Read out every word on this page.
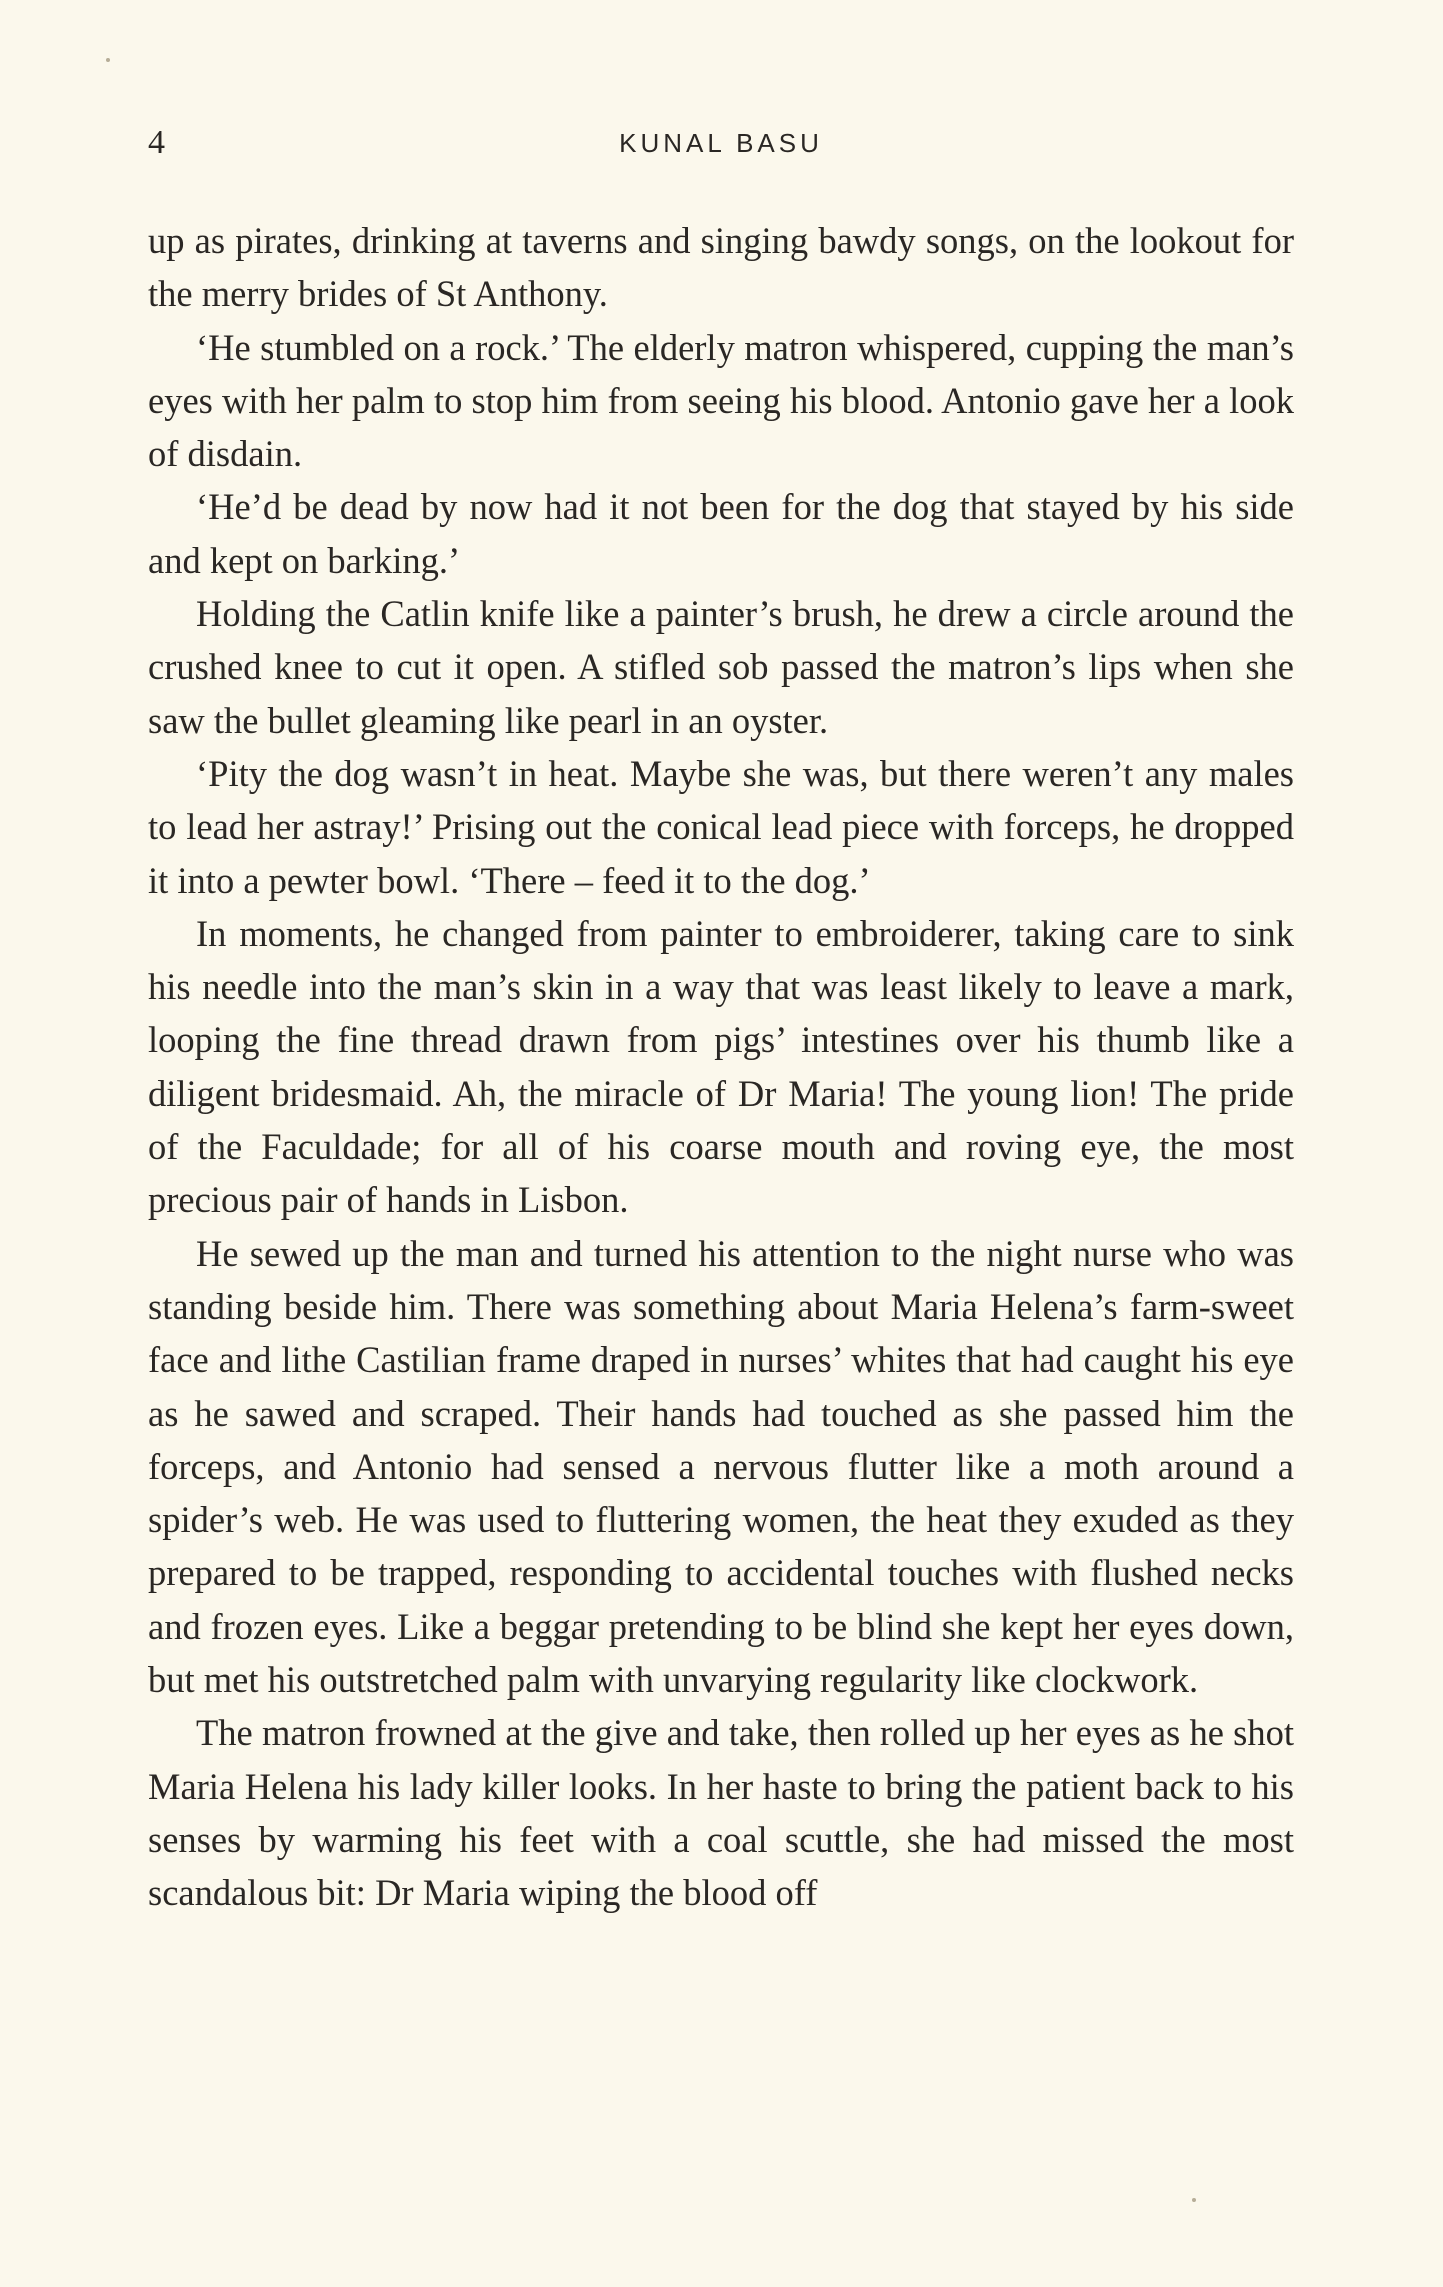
4	KUNAL BASU

up as pirates, drinking at taverns and singing bawdy songs, on the lookout for the merry brides of St Anthony.

‘He stumbled on a rock.’ The elderly matron whispered, cupping the man’s eyes with her palm to stop him from seeing his blood. Antonio gave her a look of disdain.

‘He’d be dead by now had it not been for the dog that stayed by his side and kept on barking.’

Holding the Catlin knife like a painter’s brush, he drew a circle around the crushed knee to cut it open. A stifled sob passed the matron’s lips when she saw the bullet gleaming like pearl in an oyster.

‘Pity the dog wasn’t in heat. Maybe she was, but there weren’t any males to lead her astray!’ Prising out the conical lead piece with forceps, he dropped it into a pewter bowl. ‘There – feed it to the dog.’

In moments, he changed from painter to embroiderer, taking care to sink his needle into the man’s skin in a way that was least likely to leave a mark, looping the fine thread drawn from pigs’ intestines over his thumb like a diligent bridesmaid. Ah, the miracle of Dr Maria! The young lion! The pride of the Faculdade; for all of his coarse mouth and roving eye, the most precious pair of hands in Lisbon.

He sewed up the man and turned his attention to the night nurse who was standing beside him. There was something about Maria Helena’s farm-sweet face and lithe Castilian frame draped in nurses’ whites that had caught his eye as he sawed and scraped. Their hands had touched as she passed him the forceps, and Antonio had sensed a nervous flutter like a moth around a spider’s web. He was used to fluttering women, the heat they exuded as they prepared to be trapped, responding to accidental touches with flushed necks and frozen eyes. Like a beggar pretending to be blind she kept her eyes down, but met his outstretched palm with unvarying regularity like clockwork.

The matron frowned at the give and take, then rolled up her eyes as he shot Maria Helena his lady killer looks. In her haste to bring the patient back to his senses by warming his feet with a coal scuttle, she had missed the most scandalous bit: Dr Maria wiping the blood off
